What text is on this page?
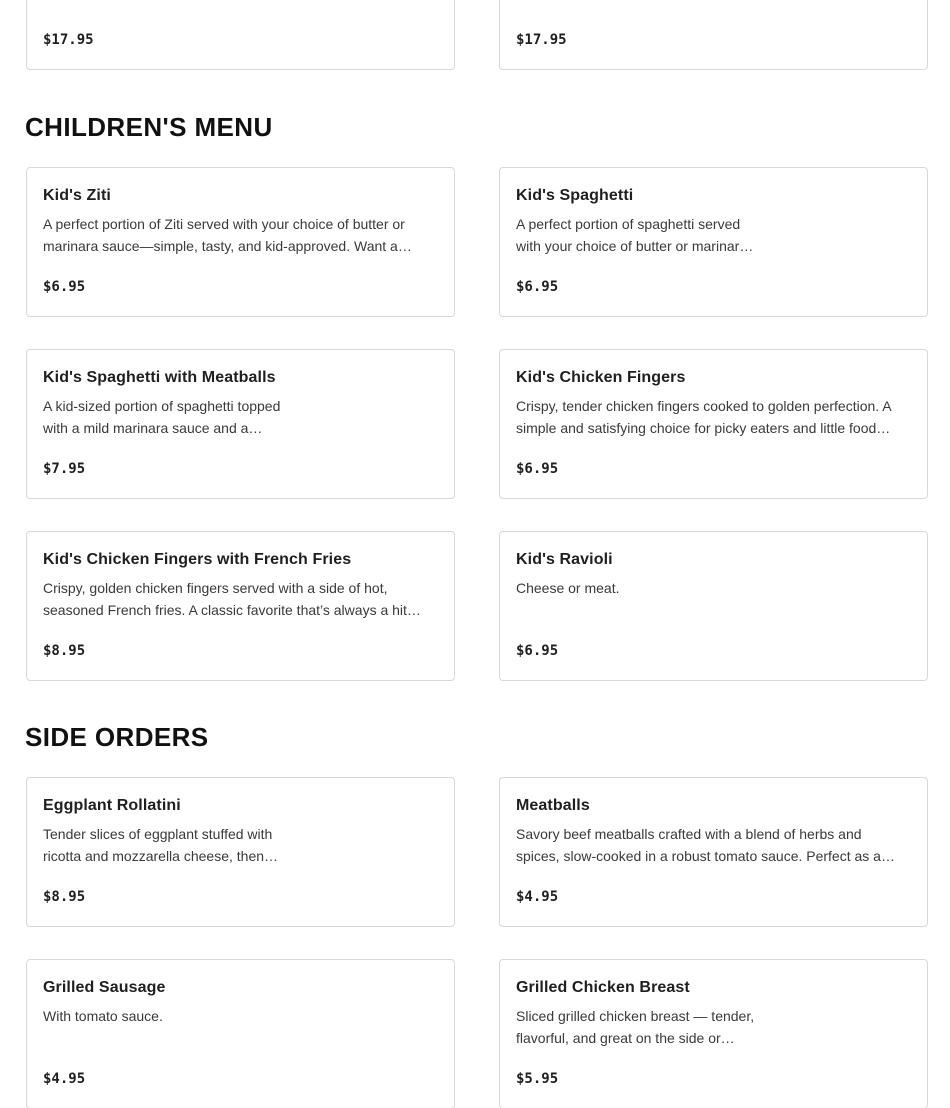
$17.95	$17.95
CHILDREN'S MENU
Kid's Ziti
A perfect portion of Ziti served with your choice of butter or marinara sauce—simple, tasty, and kid-approved. Want a…
$6.95
Kid's Spaghetti
A perfect portion of spaghetti served with your choice of butter or marinar…
$6.95
Kid's Spaghetti with Meatballs
A kid-sized portion of spaghetti topped with a mild marinara sauce and a…
$7.95
Kid's Chicken Fingers
Crispy, tender chicken fingers cooked to golden perfection. A simple and satisfying choice for picky eaters and little food…
$6.95
Kid's Chicken Fingers with French Fries
Crispy, golden chicken fingers served with a side of hot, seasoned French fries. A classic favorite that’s always a hit…
$8.95
Kid's Ravioli
Cheese or meat.
$6.95
SIDE ORDERS
Eggplant Rollatini
Tender slices of eggplant stuffed with ricotta and mozzarella cheese, then…
$8.95
Meatballs
Savory beef meatballs crafted with a blend of herbs and spices, slow-cooked in a robust tomato sauce. Perfect as a…
$4.95
Grilled Sausage
With tomato sauce.
$4.95
Grilled Chicken Breast
Sliced grilled chicken breast — tender, flavorful, and great on the side or…
$5.95
